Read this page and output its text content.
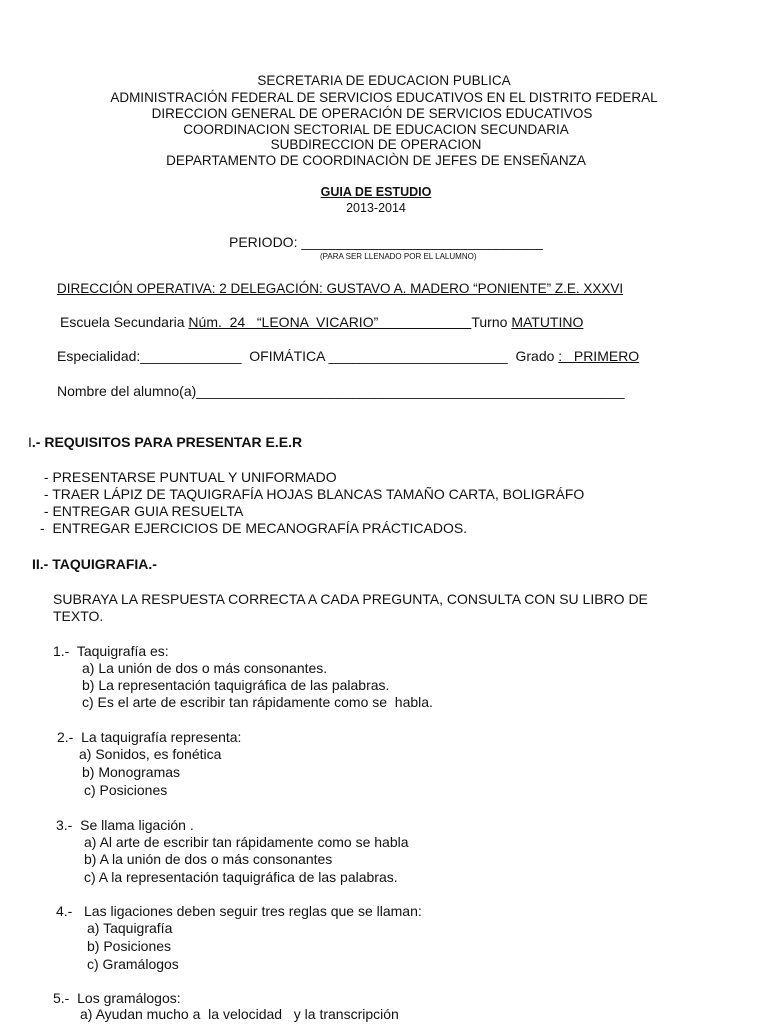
SECRETARIA DE EDUCACION PUBLICA
ADMINISTRACIÓN FEDERAL DE SERVICIOS EDUCATIVOS EN EL DISTRITO FEDERAL
DIRECCION GENERAL DE OPERACIÓN DE SERVICIOS EDUCATIVOS
COORDINACION SECTORIAL DE EDUCACION SECUNDARIA
SUBDIRECCION DE OPERACION
DEPARTAMENTO DE COORDINACIÒN DE JEFES DE ENSEÑANZA
GUIA DE ESTUDIO
2013-2014
PERIODO: _______________________________
(PARA SER LLENADO POR EL LALUMNO)
DIRECCIÓN OPERATIVA: 2 DELEGACIÓN: GUSTAVO A. MADERO “PONIENTE” Z.E. XXXVI
Escuela Secundaria Núm.  24   “LEONA  VICARIO”                        Turno MATUTINO
Especialidad:_____________  OFIMÁTICA _______________________  Grado :   PRIMERO
Nombre del alumno(a)_______________________________________________________
I.- REQUISITOS PARA PRESENTAR E.E.R
- PRESENTARSE PUNTUAL Y UNIFORMADO
- TRAER LÁPIZ DE TAQUIGRAFÍA HOJAS BLANCAS TAMAÑO CARTA, BOLIGRÁFO
- ENTREGAR GUIA RESUELTA
-  ENTREGAR EJERCICIOS DE MECANOGRAFÍA PRÁCTICADOS.
II.- TAQUIGRAFIA.-
SUBRAYA LA RESPUESTA CORRECTA A CADA PREGUNTA, CONSULTA CON SU LIBRO DE
TEXTO.
1.-  Taquigrafía es:
a) La unión de dos o más consonantes.
b) La representación taquigráfica de las palabras.
c) Es el arte de escribir tan rápidamente como se  habla.
2.-  La taquigrafía representa:
a) Sonidos, es fonética
b) Monogramas
c) Posiciones
3.-  Se llama ligación .
a) Al arte de escribir tan rápidamente como se habla
b) A la unión de dos o más consonantes
c) A la representación taquigráfica de las palabras.
4.-   Las ligaciones deben seguir tres reglas que se llaman:
a) Taquigrafía
b) Posiciones
c) Gramálogos
5.-  Los gramálogos:
a) Ayudan mucho a  la velocidad   y la transcripción
